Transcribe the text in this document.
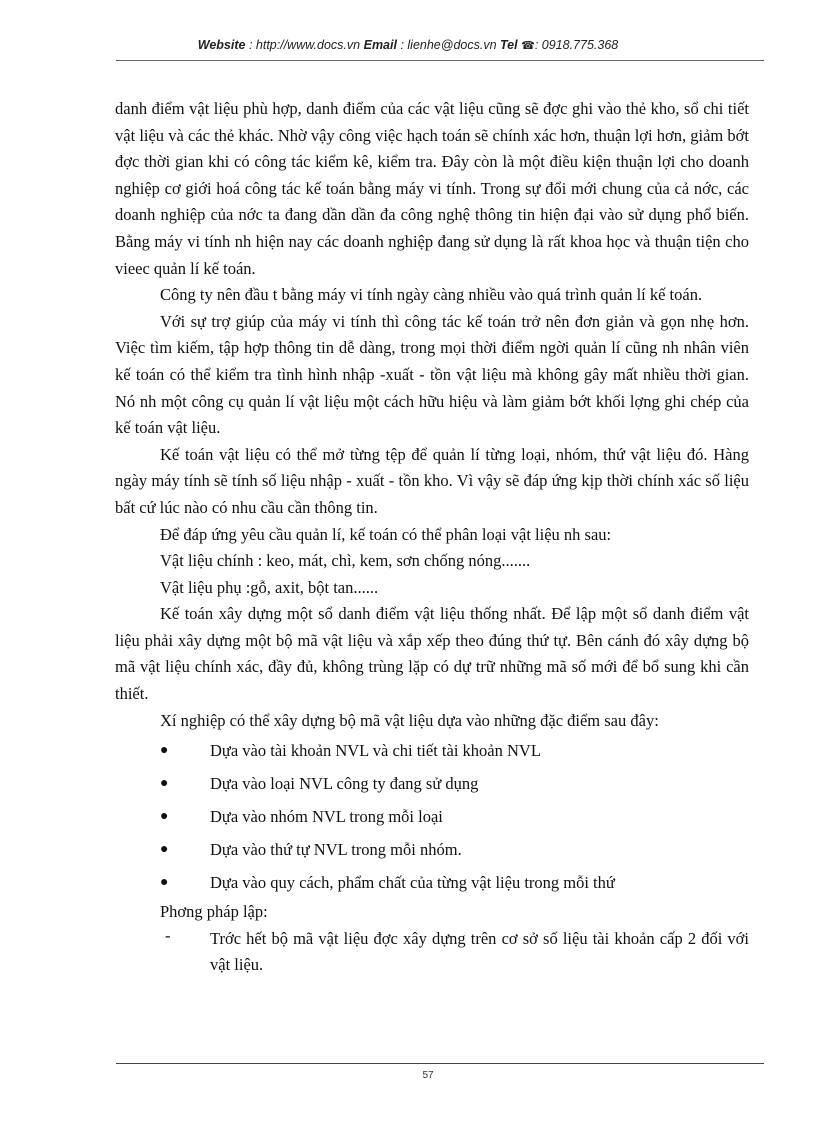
Website : http://www.docs.vn Email : lienhe@docs.vn Tel ☎: 0918.775.368

danh điểm vật liệu phù hợp, danh điểm của các vật liệu cũng sẽ đợc ghi vào thẻ kho, sổ chi tiết vật liệu và các thẻ khác. Nhờ vậy công việc hạch toán sẽ chính xác hơn, thuận lợi hơn, giảm bớt đợc thời gian khi có công tác kiểm kê, kiểm tra. Đây còn là một điều kiện thuận lợi cho doanh nghiệp cơ giới hoá công tác kế toán bằng máy vi tính. Trong sự đổi mới chung của cả nớc, các doanh nghiệp của nớc ta đang dần dần đa công nghệ thông tin hiện đại vào sử dụng phổ biến. Bằng máy vi tính nh hiện nay các doanh nghiệp đang sử dụng là rất khoa học và thuận tiện cho vieec quản lí kế toán.

Công ty nên đầu t bằng máy vi tính ngày càng nhiều vào quá trình quản lí kế toán.

Với sự trợ giúp của máy vi tính thì công tác kế toán trở nên đơn giản và gọn nhẹ hơn. Việc tìm kiếm, tập hợp thông tin dễ dàng, trong mọi thời điểm ngời quản lí cũng nh nhân viên kế toán có thể kiểm tra tình hình nhập -xuất - tồn vật liệu mà không gây mất nhiều thời gian. Nó nh một công cụ quản lí vật liệu một cách hữu hiệu và làm giảm bớt khối lợng ghi chép của kế toán vật liệu.

Kế toán vật liệu có thể mở từng tệp để quản lí từng loại, nhóm, thứ vật liệu đó. Hàng ngày máy tính sẽ tính số liệu nhập - xuất - tồn kho. Vì vậy sẽ đáp ứng kịp thời chính xác số liệu bất cứ lúc nào có nhu cầu cần thông tin.

Để đáp ứng yêu cầu quản lí, kế toán có thể phân loại vật liệu nh sau:

Vật liệu chính : keo, mát, chì, kem, sơn chống nóng.......

Vật liệu phụ :gỗ, axit, bột tan......

Kế toán xây dựng một sổ danh điểm vật liệu thống nhất. Để lập một sổ danh điểm vật liệu phải xây dựng một bộ mã vật liệu và xắp xếp theo đúng thứ tự. Bên cánh đó xây dựng bộ mã vật liệu chính xác, đầy đủ, không trùng lặp có dự trữ những mã số mới để bổ sung khi cần thiết.

Xí nghiệp có thể xây dựng bộ mã vật liệu dựa vào những đặc điểm sau đây:

●	Dựa vào tài khoản NVL và chi tiết tài khoản NVL
●	Dựa vào loại NVL công ty đang sử dụng
●	Dựa vào nhóm NVL trong mỗi loại
●	Dựa vào thứ tự NVL trong mỗi nhóm.
●	Dựa vào quy cách, phẩm chất của từng vật liệu trong mỗi thứ

Phơng pháp lập:

- Trớc hết bộ mã vật liệu đợc xây dựng trên cơ sở số liệu tài khoản cấp 2 đối với vật liệu.

57
